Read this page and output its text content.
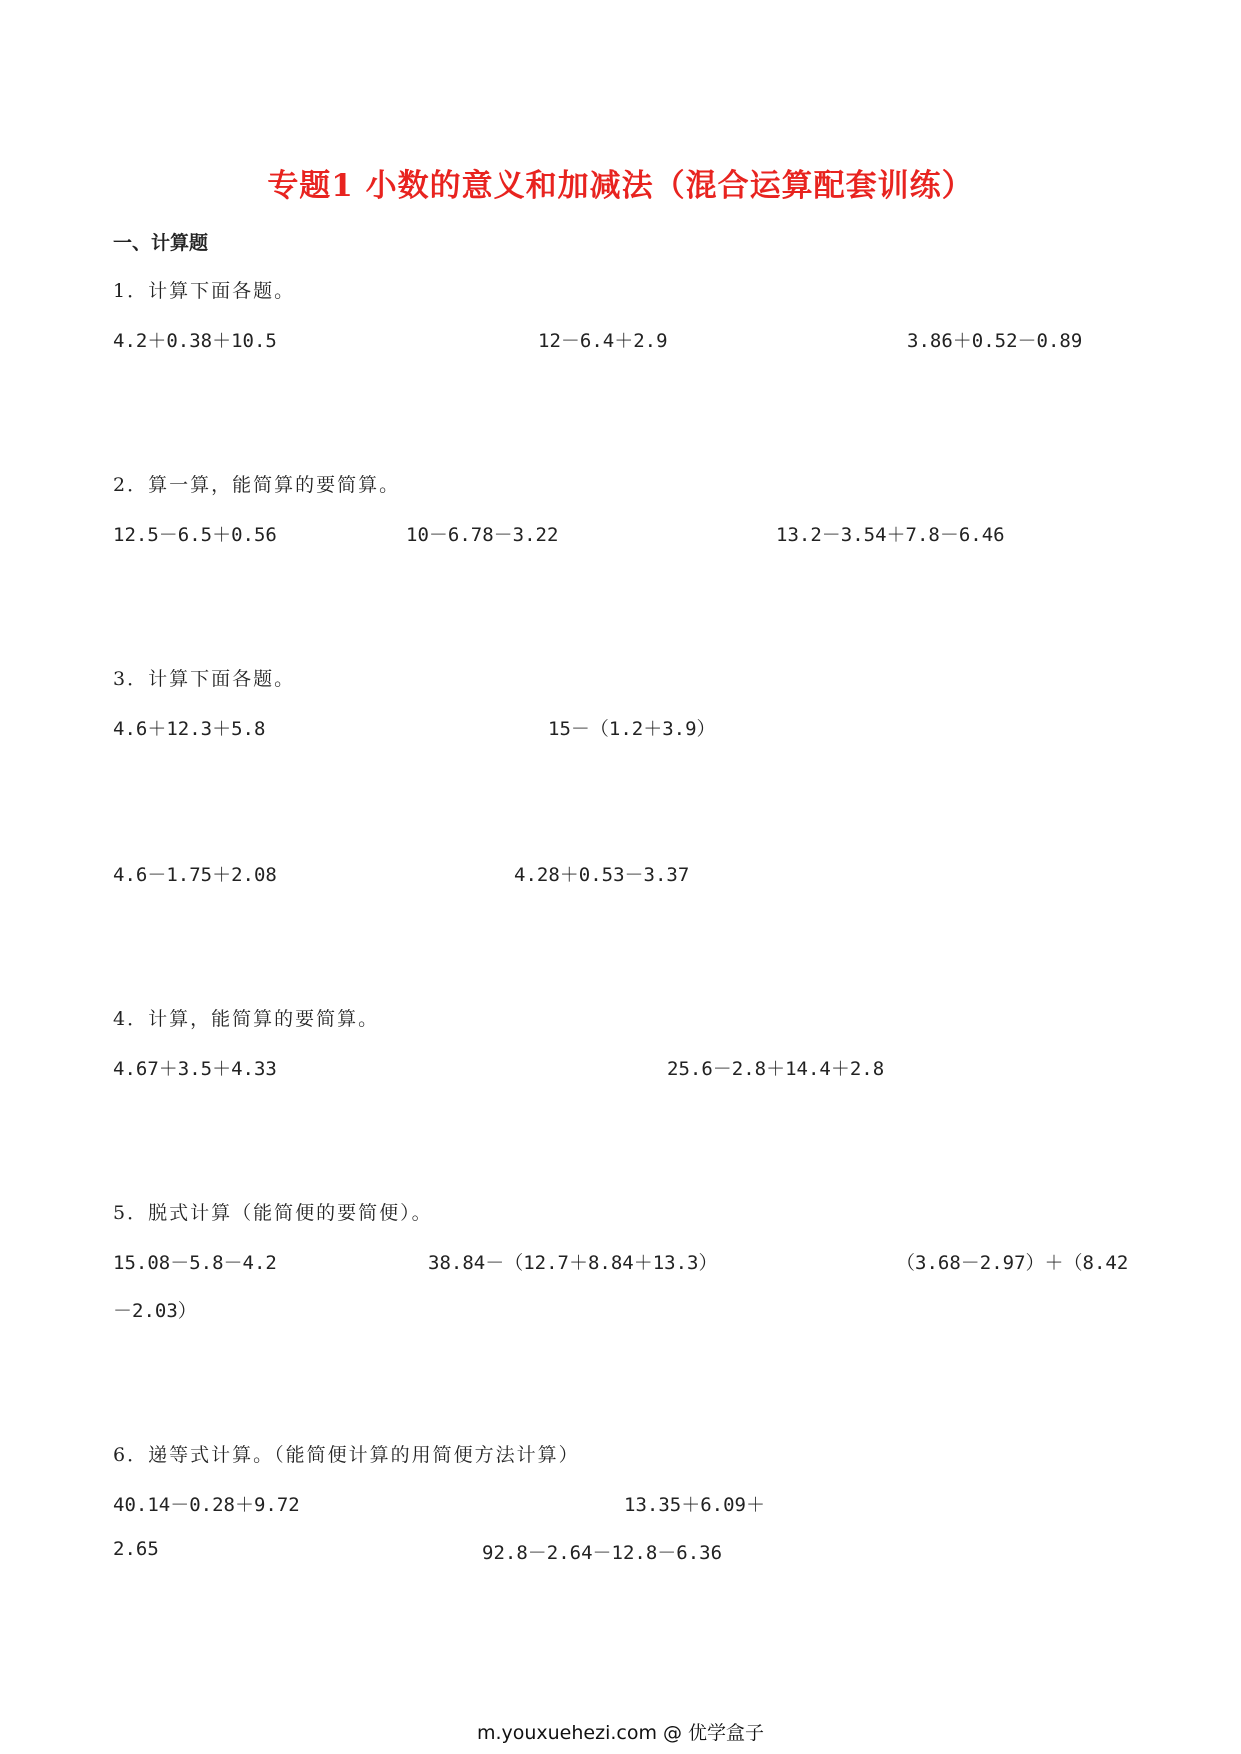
专题1 小数的意义和加减法（混合运算配套训练）
一、计算题
1．计算下面各题。
4.2＋0.38＋10.5	12－6.4＋2.9	3.86＋0.52－0.89
2．算一算，能简算的要简算。
12.5－6.5＋0.56	10－6.78－3.22	13.2－3.54＋7.8－6.46
3．计算下面各题。
4.6＋12.3＋5.8	15－（1.2＋3.9）
4.6－1.75＋2.08	4.28＋0.53－3.37
4．计算，能简算的要简算。
4.67＋3.5＋4.33	25.6－2.8＋14.4＋2.8
5．脱式计算（能简便的要简便）。
15.08－5.8－4.2	38.84－（12.7＋8.84＋13.3）	（3.68－2.97）＋（8.42
－2.03）
6．递等式计算。（能简便计算的用简便方法计算）
40.14－0.28＋9.72	13.35＋6.09＋
2.65	92.8－2.64－12.8－6.36
m.youxuehezi.com @ 优学盒子
